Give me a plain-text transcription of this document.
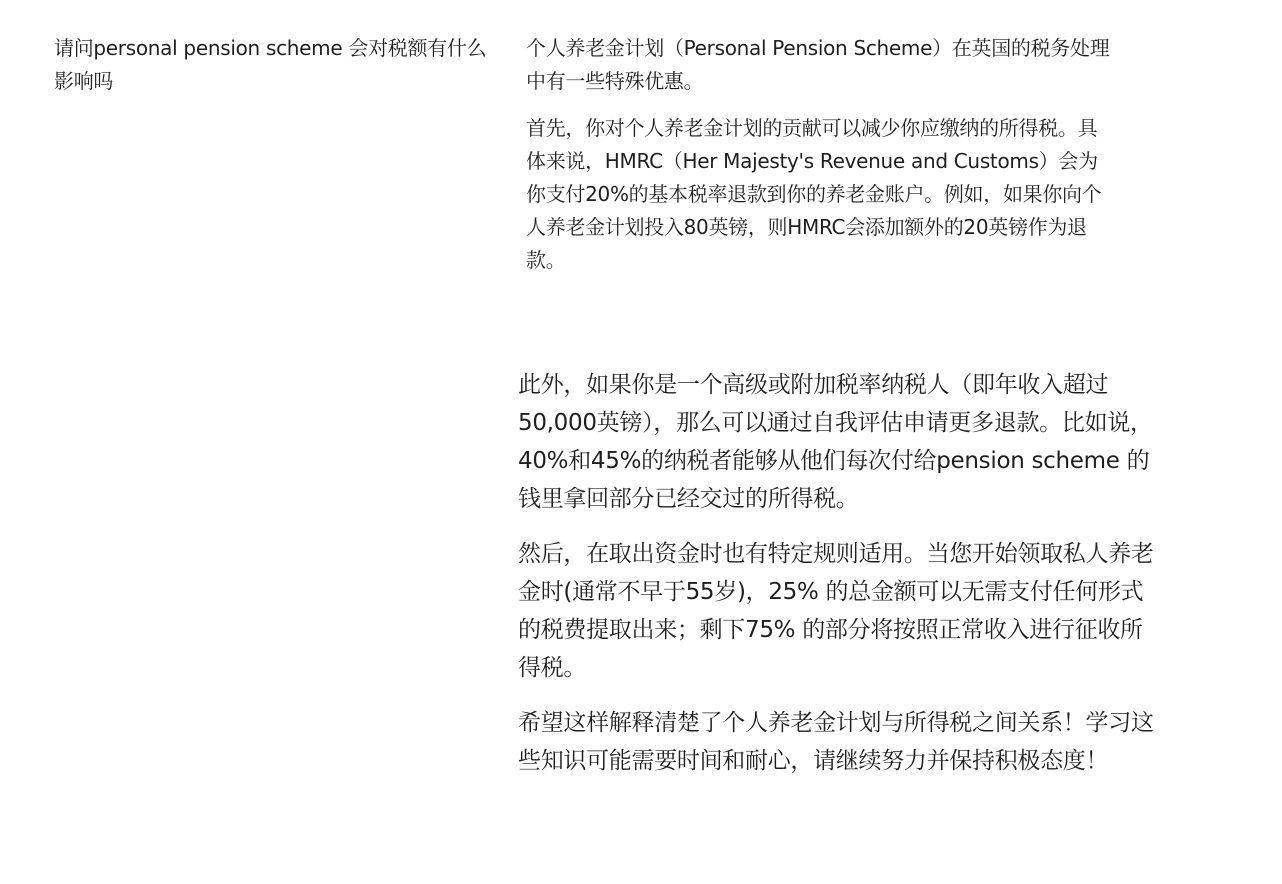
请问personal pension scheme 会对税额有什么影响吗

个人养老金计划（Personal Pension Scheme）在英国的税务处理中有一些特殊优惠。

首先，你对个人养老金计划的贡献可以减少你应缴纳的所得税。具体来说，HMRC（Her Majesty's Revenue and Customs）会为你支付20%的基本税率退款到你的养老金账户。例如，如果你向个人养老金计划投入80英镑，则HMRC会添加额外的20英镑作为退款。

此外，如果你是一个高级或附加税率纳税人（即年收入超过50,000英镑），那么可以通过自我评估申请更多退款。比如说，40%和45%的纳税者能够从他们每次付给pension scheme 的钱里拿回部分已经交过的所得税。

然后，在取出资金时也有特定规则适用。当您开始领取私人养老金时(通常不早于55岁)，25% 的总金额可以无需支付任何形式的税费提取出来；剩下75% 的部分将按照正常收入进行征收所得税。

希望这样解释清楚了个人养老金计划与所得税之间关系！学习这些知识可能需要时间和耐心，请继续努力并保持积极态度！
